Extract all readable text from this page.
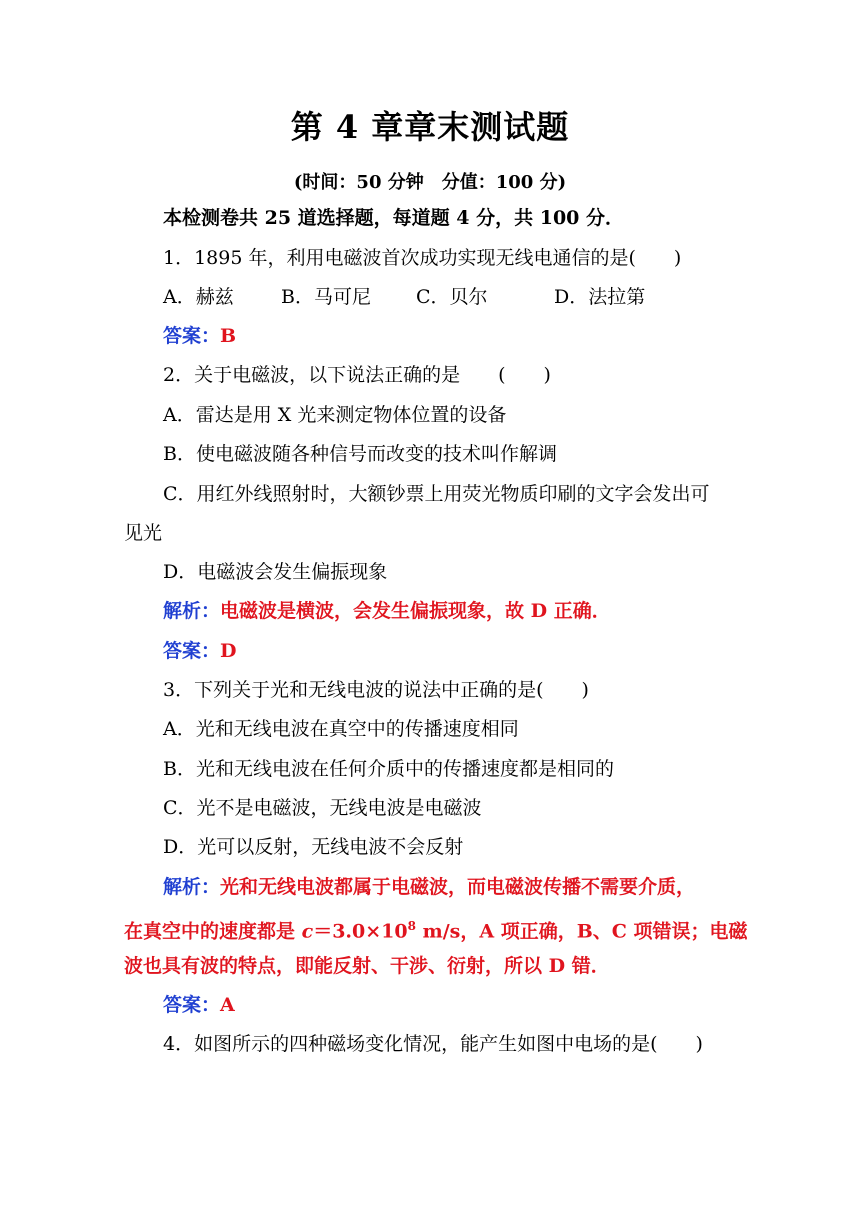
第 4 章章末测试题
(时间：50 分钟　分值：100 分)
本检测卷共 25 道选择题，每道题 4 分，共 100 分．
1．1895 年，利用电磁波首次成功实现无线电通信的是(　　)
A．赫兹 B．马可尼 C．贝尔	D．法拉第
答案：B
2．关于电磁波，以下说法正确的是　　(　　)
A．雷达是用 X 光来测定物体位置的设备
B．使电磁波随各种信号而改变的技术叫作解调
C．用红外线照射时，大额钞票上用荧光物质印刷的文字会发出可
见光
D．电磁波会发生偏振现象
解析：电磁波是横波，会发生偏振现象，故 D 正确．
答案：D
3．下列关于光和无线电波的说法中正确的是(　　)
A．光和无线电波在真空中的传播速度相同
B．光和无线电波在任何介质中的传播速度都是相同的
C．光不是电磁波，无线电波是电磁波
D．光可以反射，无线电波不会反射
解析：光和无线电波都属于电磁波，而电磁波传播不需要介质，
在真空中的速度都是 $c=3.0\times 10^8$ m/s，A 项正确，B、C 项错误；电磁
波也具有波的特点，即能反射、干涉、衍射，所以 D 错．
答案：A
4．如图所示的四种磁场变化情况，能产生如图中电场的是(　　)
